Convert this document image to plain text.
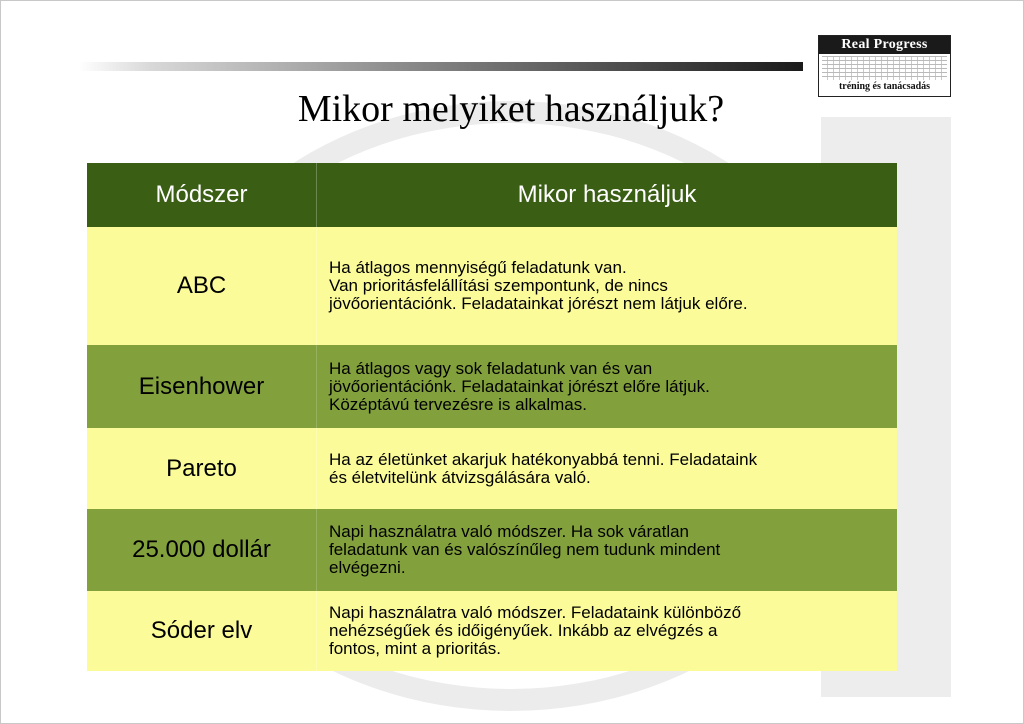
Real Progress
tréning és tanácsadás
Mikor melyiket használjuk?
Módszer	Mikor használjuk
ABC
Ha átlagos mennyiségű feladatunk van.
Van prioritásfelállítási szempontunk, de nincs
jövőorientációnk. Feladatainkat jórészt nem látjuk előre.
Eisenhower
Ha átlagos vagy sok feladatunk van és van
jövőorientációnk. Feladatainkat jórészt előre látjuk.
Középtávú tervezésre is alkalmas.
Pareto	Ha az életünket akarjuk hatékonyabbá tenni. Feladataink
és életvitelünk átvizsgálására való.
25.000 dollár
Napi használatra való módszer. Ha sok váratlan
feladatunk van és valószínűleg nem tudunk mindent
elvégezni.
Sóder elv
Napi használatra való módszer. Feladataink különböző
nehézségűek és időigényűek. Inkább az elvégzés a
fontos, mint a prioritás.
